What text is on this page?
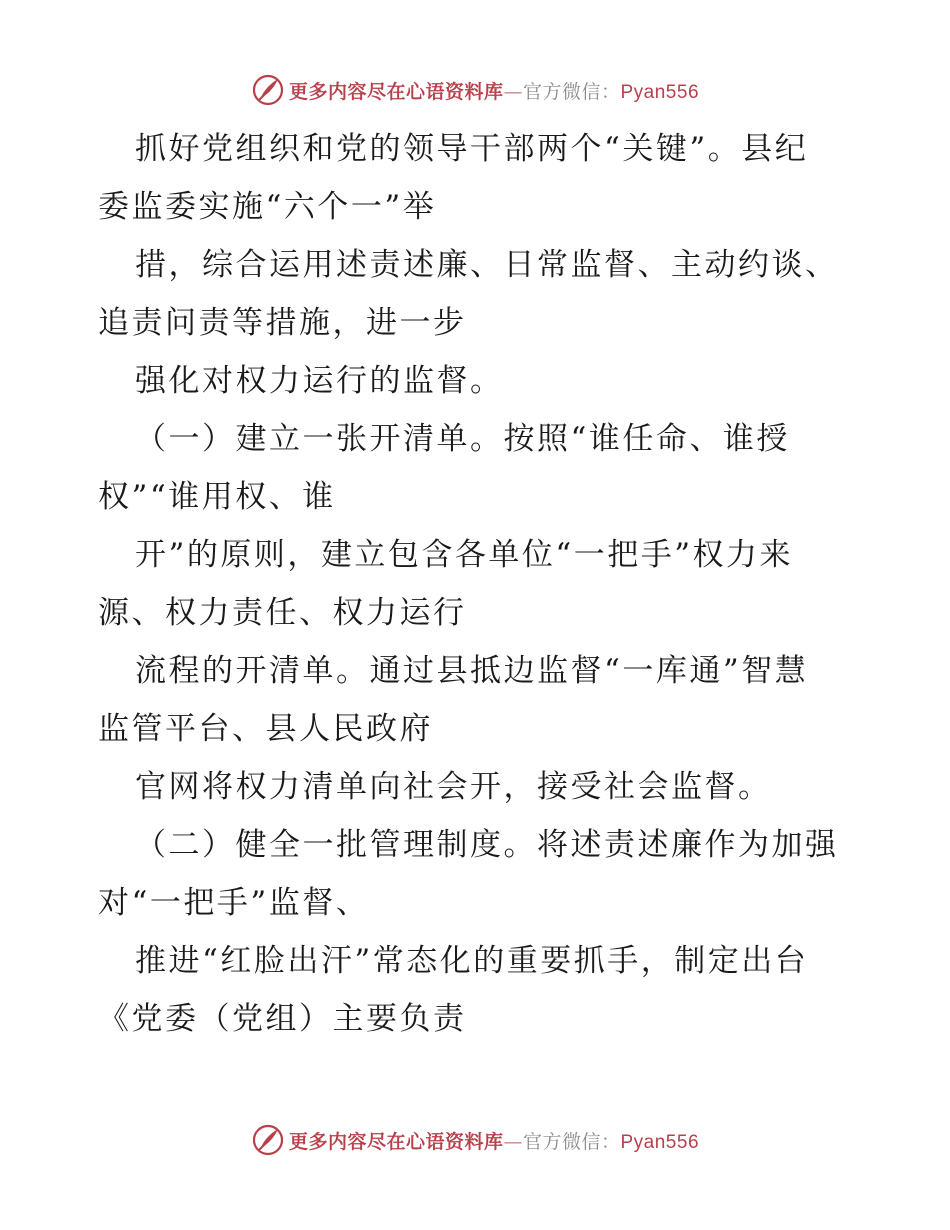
更多内容尽在心语资料库—官方微信：Pyan556
抓好党组织和党的领导干部两个“关键”。县纪
委监委实施“六个一”举
措，综合运用述责述廉、日常监督、主动约谈、
追责问责等措施，进一步
强化对权力运行的监督。
（一）建立一张开清单。按照“谁任命、谁授
权”“谁用权、谁
开”的原则，建立包含各单位“一把手”权力来
源、权力责任、权力运行
流程的开清单。通过县抵边监督“一库通”智慧
监管平台、县人民政府
官网将权力清单向社会开，接受社会监督。
（二）健全一批管理制度。将述责述廉作为加强
对“一把手”监督、
推进“红脸出汗”常态化的重要抓手，制定出台
《党委（党组）主要负责
更多内容尽在心语资料库—官方微信：Pyan556
